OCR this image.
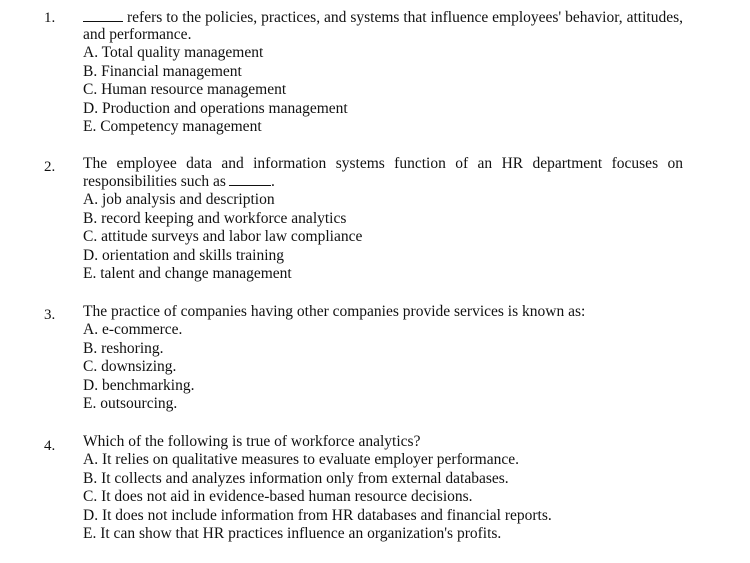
1.	refers to the policies, practices, and systems that influence employees' behavior, attitudes, and performance.
A. Total quality management
B. Financial management
C. Human resource management
D. Production and operations management
E. Competency management
2. The employee data and information systems function of an HR department focuses on responsibilities such as	.
A. job analysis and description
B. record keeping and workforce analytics
C. attitude surveys and labor law compliance
D. orientation and skills training
E. talent and change management
3. The practice of companies having other companies provide services is known as:
A. e-commerce.
B. reshoring.
C. downsizing.
D. benchmarking.
E. outsourcing.
4. Which of the following is true of workforce analytics?
A. It relies on qualitative measures to evaluate employer performance.
B. It collects and analyzes information only from external databases.
C. It does not aid in evidence-based human resource decisions.
D. It does not include information from HR databases and financial reports.
E. It can show that HR practices influence an organization's profits.
